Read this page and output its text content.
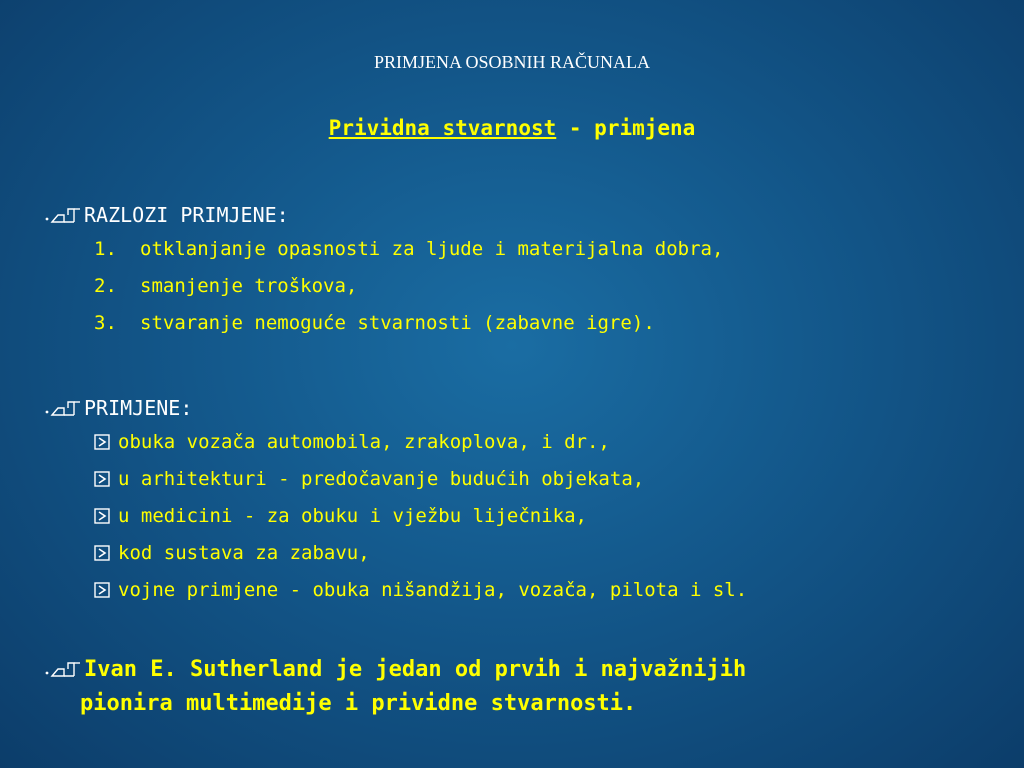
PRIMJENA OSOBNIH RAČUNALA
Prividna stvarnost - primjena
RAZLOZI PRIMJENE:
1.	otklanjanje opasnosti za ljude i materijalna dobra,
2.	smanjenje troškova,
3.	stvaranje nemoguće stvarnosti (zabavne igre).
PRIMJENE:
obuka vozača automobila, zrakoplova, i dr.,
u arhitekturi - predočavanje budućih objekata,
u medicini - za obuku i vježbu liječnika,
kod sustava za zabavu,
vojne primjene - obuka nišandžija, vozača, pilota i sl.
Ivan E. Sutherland je jedan od prvih i najvažnijih
pionira multimedije i prividne stvarnosti.
